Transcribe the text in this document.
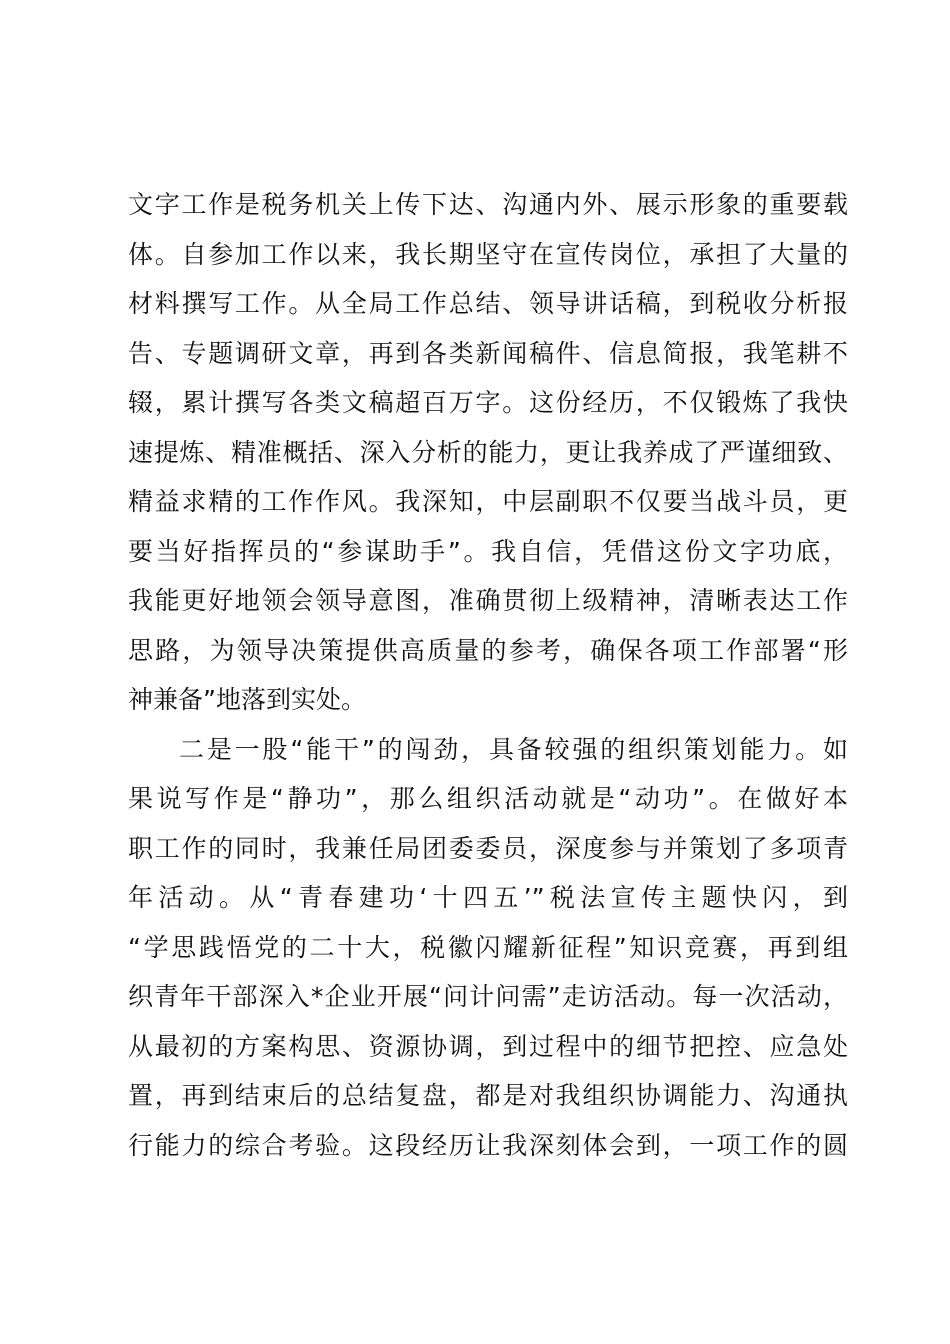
文字工作是税务机关上传下达、沟通内外、展示形象的重要载
体。自参加工作以来，我长期坚守在宣传岗位，承担了大量的
材料撰写工作。从全局工作总结、领导讲话稿，到税收分析报
告、专题调研文章，再到各类新闻稿件、信息简报，我笔耕不
辍，累计撰写各类文稿超百万字。这份经历，不仅锻炼了我快
速提炼、精准概括、深入分析的能力，更让我养成了严谨细致、
精益求精的工作作风。我深知，中层副职不仅要当战斗员，更
要当好指挥员的“参谋助手”。我自信，凭借这份文字功底，
我能更好地领会领导意图，准确贯彻上级精神，清晰表达工作
思路，为领导决策提供高质量的参考，确保各项工作部署“形
神兼备”地落到实处。
二是一股“能干”的闯劲，具备较强的组织策划能力。如
果说写作是“静功”，那么组织活动就是“动功”。在做好本
职工作的同时，我兼任局团委委员，深度参与并策划了多项青
年活动。从“青春建功‘十四五’”税法宣传主题快闪，到
“学思践悟党的二十大，税徽闪耀新征程”知识竞赛，再到组
织青年干部深入*企业开展“问计问需”走访活动。每一次活动，
从最初的方案构思、资源协调，到过程中的细节把控、应急处
置，再到结束后的总结复盘，都是对我组织协调能力、沟通执
行能力的综合考验。这段经历让我深刻体会到，一项工作的圆
